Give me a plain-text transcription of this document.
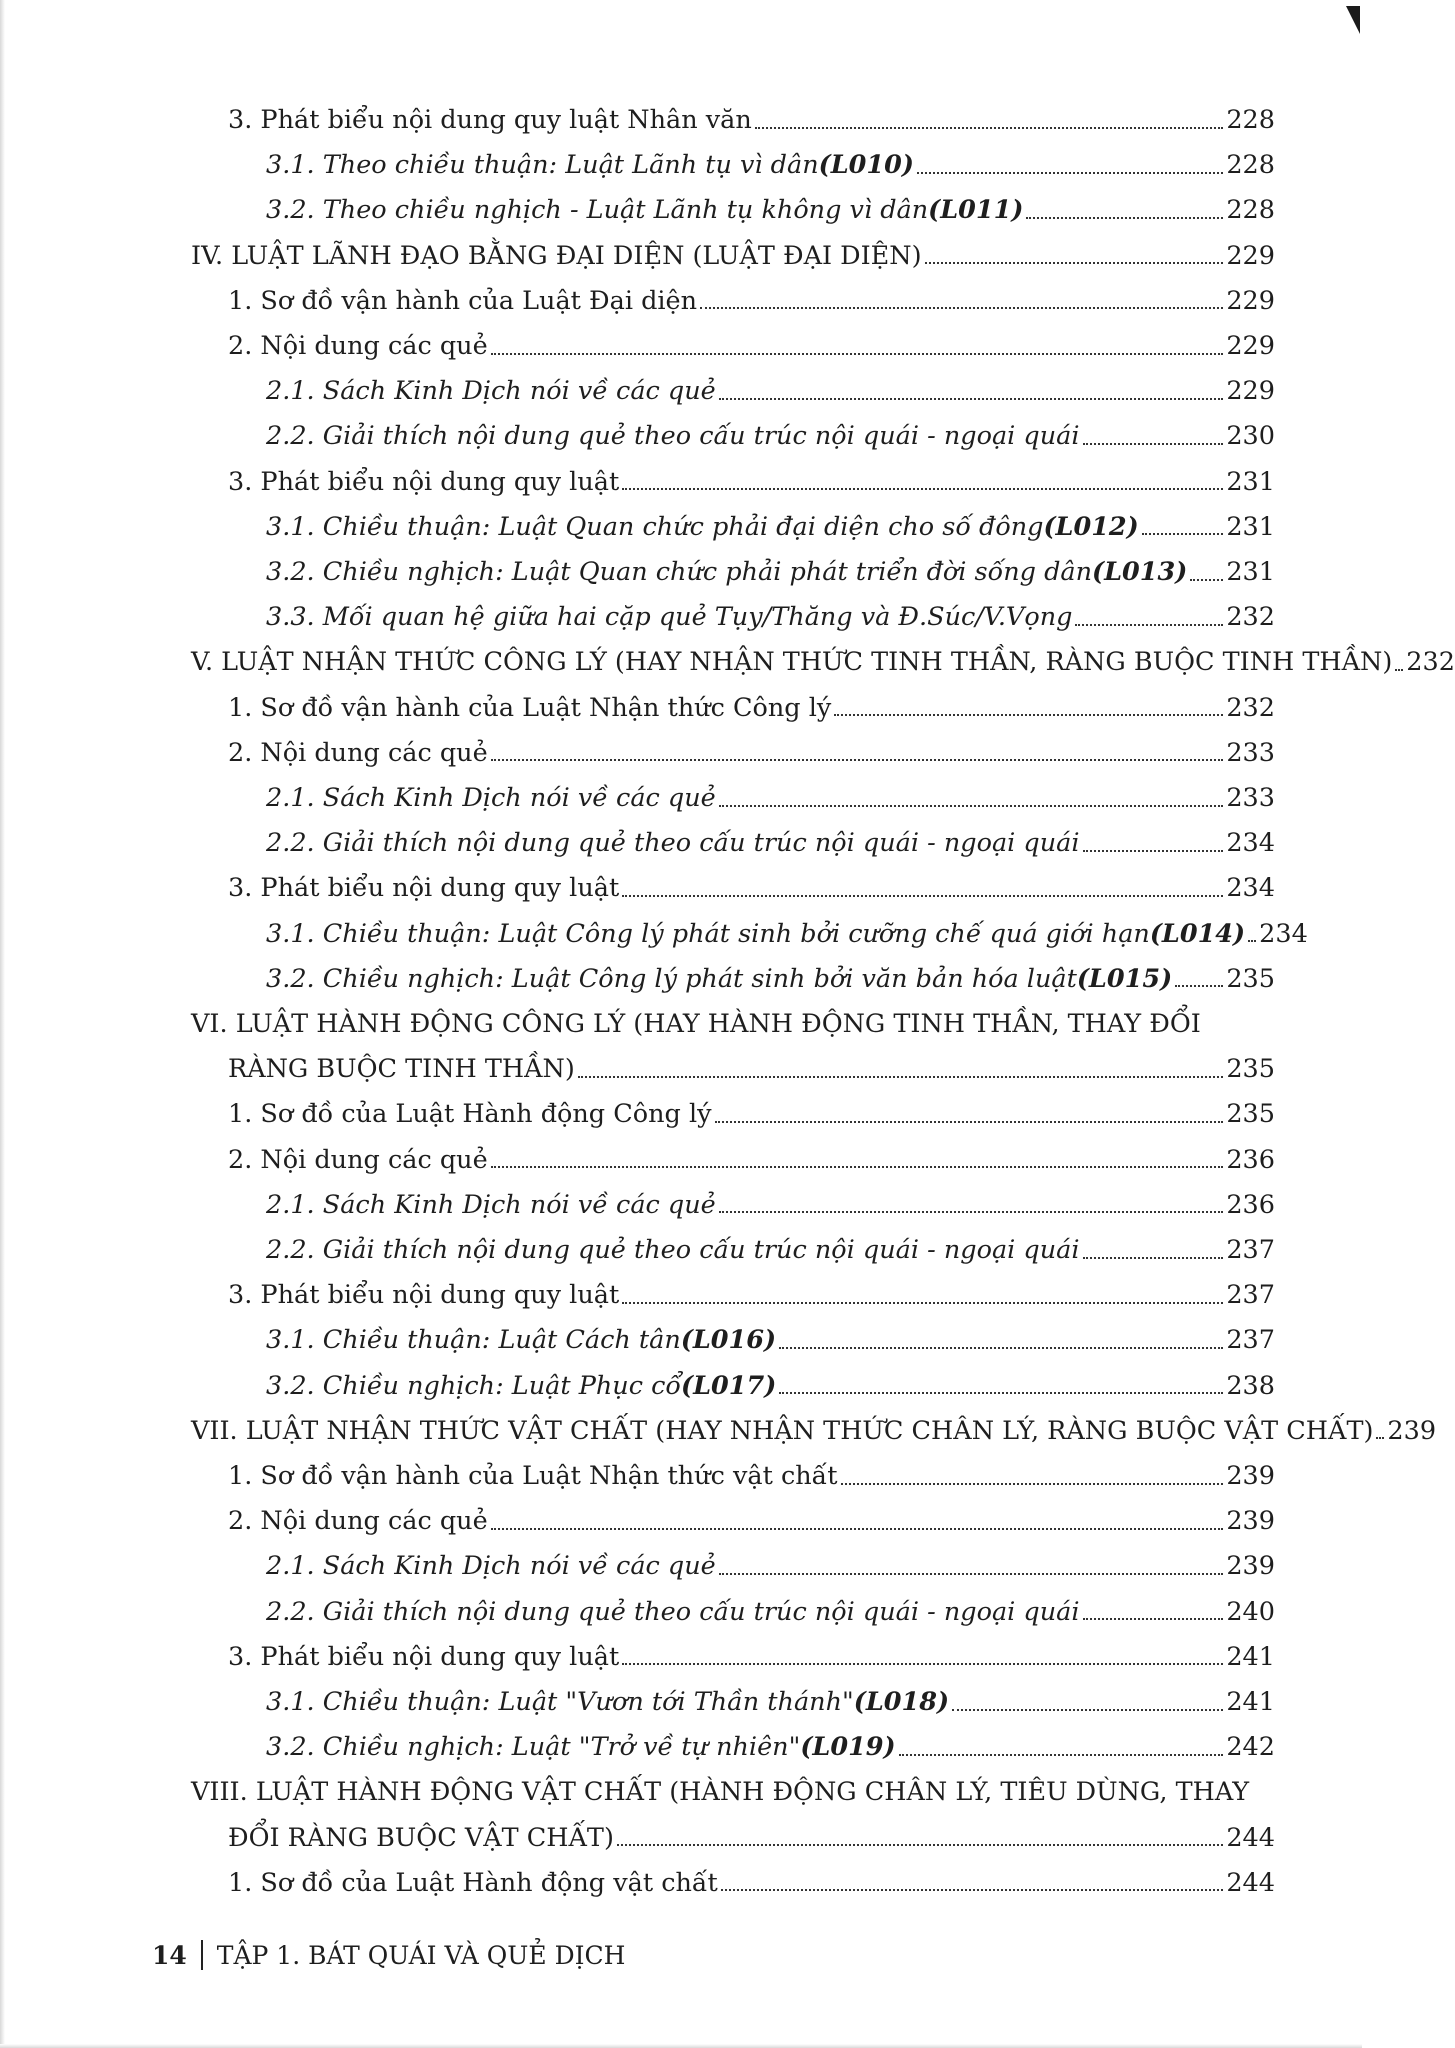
3. Phát biểu nội dung quy luật Nhân văn	228
3.1. Theo chiều thuận: Luật Lãnh tụ vì dân (L010)	228
3.2. Theo chiều nghịch - Luật Lãnh tụ không vì dân (L011)	228
IV. LUẬT LÃNH ĐẠO BẰNG ĐẠI DIỆN (LUẬT ĐẠI DIỆN)	229
1. Sơ đồ vận hành của Luật Đại diện	229
2. Nội dung các quẻ	229
2.1. Sách Kinh Dịch nói về các quẻ	229
2.2. Giải thích nội dung quẻ theo cấu trúc nội quái - ngoại quái	230
3. Phát biểu nội dung quy luật	231
3.1. Chiều thuận: Luật Quan chức phải đại diện cho số đông (L012)	231
3.2. Chiều nghịch: Luật Quan chức phải phát triển đời sống dân (L013) 231
3.3. Mối quan hệ giữa hai cặp quẻ Tụy/Thăng và Đ.Súc/V.Vọng	232
V. LUẬT NHẬN THỨC CÔNG LÝ (HAY NHẬN THỨC TINH THẦN, RÀNG BUỘC TINH THẦN) 232
1. Sơ đồ vận hành của Luật Nhận thức Công lý	232
2. Nội dung các quẻ	233
2.1. Sách Kinh Dịch nói về các quẻ	233
2.2. Giải thích nội dung quẻ theo cấu trúc nội quái - ngoại quái	234
3. Phát biểu nội dung quy luật	234
3.1. Chiều thuận: Luật Công lý phát sinh bởi cưỡng chế quá giới hạn (L014) 234
3.2. Chiều nghịch: Luật Công lý phát sinh bởi văn bản hóa luật (L015) 235
VI. LUẬT HÀNH ĐỘNG CÔNG LÝ (HAY HÀNH ĐỘNG TINH THẦN, THAY ĐỔI
RÀNG BUỘC TINH THẦN)	235
1. Sơ đồ của Luật Hành động Công lý	235
2. Nội dung các quẻ	236
2.1. Sách Kinh Dịch nói về các quẻ	236
2.2. Giải thích nội dung quẻ theo cấu trúc nội quái - ngoại quái	237
3. Phát biểu nội dung quy luật	237
3.1. Chiều thuận: Luật Cách tân (L016)	237
3.2. Chiều nghịch: Luật Phục cổ (L017)	238
VII. LUẬT NHẬN THỨC VẬT CHẤT (HAY NHẬN THỨC CHÂN LÝ, RÀNG BUỘC VẬT CHẤT) 239
1. Sơ đồ vận hành của Luật Nhận thức vật chất	239
2. Nội dung các quẻ	239
2.1. Sách Kinh Dịch nói về các quẻ	239
2.2. Giải thích nội dung quẻ theo cấu trúc nội quái - ngoại quái	240
3. Phát biểu nội dung quy luật	241
3.1. Chiều thuận: Luật "Vươn tới Thần thánh" (L018)	241
3.2. Chiều nghịch: Luật "Trở về tự nhiên" (L019)	242
VIII. LUẬT HÀNH ĐỘNG VẬT CHẤT (HÀNH ĐỘNG CHÂN LÝ, TIÊU DÙNG, THAY
ĐỔI RÀNG BUỘC VẬT CHẤT)	244
1. Sơ đồ của Luật Hành động vật chất	244
14 TẬP 1. BÁT QUÁI VÀ QUẺ DỊCH
